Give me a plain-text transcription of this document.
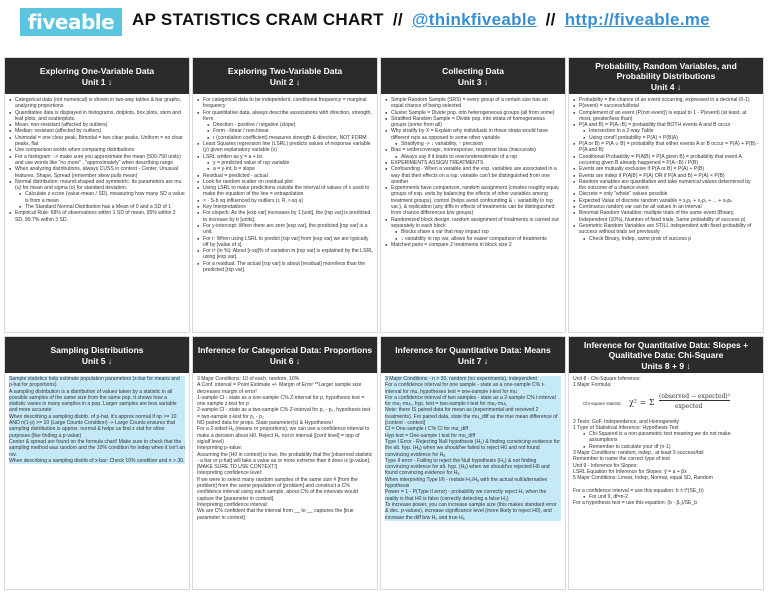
fiveable	AP STATISTICS CRAM CHART // @thinkfiveable // http://fiveable.me
Exploring One-Variable Data
Unit 1 ↓
● Categorical data (not numerical) is shown in two-way tables & bar graphs, analyzing proportions
● Quantitative data is displayed in histograms, dotplots, box plots, stem and leaf plots, and scatterplots.
● Mean: non-resistant (affected by outliers)
● Median: resistant (affected by outliers)
● Unimodal = one clear peak, Bimodal = two clear peaks, Uniform = no clear peaks, flat
● Use comparison words when comparing distributions
● For a histogram :-> make sure you approximate the mean (500-750 units) and use words like "no more" , "approximately" when describing range
● When analyzing distributions, always CUSS in context - Center, Unusual features, Shape, Spread (remember skew pulls mean)
● Normal distribution: mound-shaped and symmetric. Its parameters are mu (u) for mean and sigma (o) for standard deviation.
● Calculate z-score (value-mean / SD), measuring how many SD a value is from a mean
● The Standard Normal Distribution has a Mean of 0 and a SD of 1
● Empirical Rule: 68% of observations within 1 SD of mean, 95% within 2 SD, 99.7% within 3 SD.
Exploring Two-Variable Data
Unit 2 ↓
● For categorical data to be independent, conditional frequency = marginal frequency
● For quantitative data, always describe associations with direction, strength, form.
● Direction - positive / negative (slope)
● Form - linear / non-linear
● r (correlation coefficient) measures strength & direction, NOT FORM
● Least Squares regression line (LSRL) predicts values of response variable (y) given explanatory variable (x)
● LSRL written as y = a + bx
● y = predicted value of rsp variable
● a = y-int, b = slope
● Residual = predicted - actual
● Look for random scatter on residual plot
● Using LSRL to make predictions outside the interval of values of x used to make the equation of the line = extrapolation
● × · S-b sq influenced by outliers (r, R, r-sq a)
● Key Interpretations
● For slope/b: As the [exp var] increases by 1 [unit], the [rsp var] is predicted to increase by b [units].
● For y-intercept: When there are zero [exp var], the predicted [rsp var] is a unit.
● For r: When using LSRL to predict [rsp var] from [exp var] we are typically off by [value of s].
● For r² (in %): About [r-sq]% of variation in [rsp var] is explained by the LSRL using [exp var].
● For a residual: The actual [rsp var] is about [residual] more/less than the predicted [rsp var].
Collecting Data
Unit 3 ↓
● Simple Random Sample (SRS) = every group of a certain size has an equal chance of being selected
● Cluster Sample = Divide pop. into heterogeneous groups (all from some)
● Stratified Random Sample = Divide pop. into strata of homogeneous groups (some from all)
● Why stratify by X = Explain why individuals in those strata would have different rsps as opposed to some other variable
● Stratifying -> ↓ variability, ↑ precision
● Bias = undercoverage, nonresponse, response bias (inaccurate)
● Always say if it leads to over/underestimate of a rsp
● EXPERIMENTS ASSIGN TREATMENTS
● Confounding - When a variable and the exp. variables are associated in a way that their effects on a rsp. variable can't be distinguished from one another
● Experiments have comparison, random assignment (creates roughly equiv. groups of exp. units by balancing the effects of other variables among treatment groups), control (helps avoid confounding & ↓ variability in rsp var.), & replication (any diffs in effects of treatments can be distinguished from chance differences b/w groups)
● Randomized block design: random assignment of treatments is carried out separately in each block
● Blocks share a var that may impact rsp
● ↓ variability in rsp var, allows for easier comparison of treatments
● Matched pairs = compare 2 treatments in block size 2
Probability, Random Variables, and Probability Distributions
Unit 4 ↓
● Probability = the chance of an event occurring, expressed in a decimal (0-1)
● P(event) = successful/total
● Complement of an event (P(not event)) is equal to 1 - P(event) (at least, at most, greater/less than)
● P(A and B) = P(A∩B) = probability that BOTH events A and B occur
● Intersection in a 2-way Table
● Using cond'l probability = P(A) × P(B|A)
● P(A or B) = P(A ∪ B) = probability that either events A or B occur = P(A) + P(B) - P(A and B)
● Conditional Probability = P(A|B) = P(A given B) = probability that event A occurring given B already happened = P(A∩B) / P(B)
● Events are mutually exclusive if P(A or B) = P(A) + P(B)
● Events are indep if P(A|B) = P(A) OR if P(A and B) = P(A) × P(B)
● Random variables are quantitative and take numerical values determined by the outcome of a chance event
● Discrete = only "whole" values possible
● Expected Value of discrete random variable = x₁p₁ + x₂p₂ + ... + xₙpₙ
● Continuous random var can be all values in an interval
● Binomial Random Variables: multiple trials of the same event (Binary, Independent (10%), Number of fixed trials, Same probability of success p)
● Geometric Random Variables are STILL independent with fixed probability of success without trials set previously
● Check Binary, Indep, same prob of success p
Sampling Distributions
Unit 5 ↓

Sample statistics help estimate population parameters (x-bar for means and p-hat for proportions)

A sampling distribution is a distribution of values taken by a statistic in all possible samples of the same size from the same pop. It shows how a statistic varies in many samples in a pop. Larger samples are less variable and more accurate

When describing a sampling distrib. of p-hat, it's approx normal if np >= 10 AND n(1-p) >= 10 (Large Counts Condition) -> Large Counts ensures that sampling distribution is approx. normal & helps us find z stat for other purposes (like finding a p-value)

Center & spread are found on the formula chart! Make sure to check that the sampling method was random and the 10% condition for indep when it isn't an rsv.

When describing a sampling distrib of x-bar: Check 10% condition and n > 30.

Inference for Categorical Data: Proportions
Unit 6 ↓

3 Major Conditions: 10 of each, random, 10%

A Conf. interval = Point Estimate +/- Margin of Error **Larger sample size decreases margin of error!

1-sample CI - state as a one-sample C% Z-interval for p, hypothesis test = one sample z-test for p

2-sample CI - state as a two-sample C% Z-interval for p₁ - p₂, hypothesis test = two-sample z-test for p₁ - p₂

NO paired data for props. State parameter(s) & Hypotheses!

For a 2-sided Hₐ (means or proportions), we can use a confidence interval to make a decision about H0. Reject H₀ not in interval ([conf level] = opp of sig/alf level)

Interpreting p-value:

Assuming the [H0 in context] is true, the probability that the [observed statistic - a bar or p-hat] will take a value as or more extreme than it does is [p-value]. [MAKE SURE TO USE CONTEXT!]

Interpreting confidence level:

If we were to select many random samples of the same size # [from the problem] from the same population of [problem] and construct a C% confidence interval using each sample, about C% of the intervals would capture the [parameter in context].

Interpreting confidence interval:

We are C% confident that the interval from __ to __ captures the [true parameter in context]

Inference for Quantitative Data: Means
Unit 7 ↓

3 Major Conditions - n > 30, random (no experiments), independent

For a confidence interval for one sample - state as a one-sample C% t-interval for mu, hypotheses test = one-sample t-test for mu

For a confidence interval of two samples - state as a 2-sample C% t-interval for mu₁-mu₂, hyp. test = two-sample t-test for mu₁-mu₂

Note: there IS paired data for mean as (experimental unit received 2 treatments). For paired data, state the mu_diff as the true mean difference of [context - context]

CI = One-sample t C% CI for mu_diff

Hyp test = One-sample t test for mu_diff

Type I Error - Rejecting Null hypothesis (H₀) & finding convincing evidence for the alt. hyp. (Hₐ) when we should've failed to reject H0 and not found convincing evidence for Hₐ

Type II error - Failing to reject the Null hypothesis (H₀) & not finding convincing evidence for alt. hyp. (Hₐ) when we should've rejected H0 and found convincing evidence for Hₐ

When interpreting Type I/II - restate H₀/Hₐ with the actual null/alternative hypothesis

Power = 1 - P(Type II error) - probability we correctly reject H₀ when the reality is that H0 is false (correctly detecting a false H₀)

To increase power, you can increase sample size (this makes standard error & dec. p-values), increase significance level (more likely to reject H0), and increase the diff b/w H₀ and true Hₐ

Inference for Quantitative Data: Slopes + Qualitative Data: Chi-Square
Units 8 + 9 ↓

Unit 8 - Chi-Square Inference:

1 Major Formula:

Chi-square statistic χ² = Σ
(observed − expected)²
expected

2 Tests: GoF, Independence, and Homogeneity

1 Type of Statistical Inference: Hypothesis Test

● Chi-Squared is a non-parametric test meaning we do not make assumptions
● Remember to calculate your df (n-1)

3 Major Conditions: random, indep., at least 5 success/fail

Remember to name the correct type of test

Unit 9 - Inference for Slopes:

LSRL Equation for Inference for Slopes: ŷ = a + βx

5 Major Conditions: Linear, Indep, Normal, equal SD, Random

For a confidence interval = use this equation: b ± t*(SE_b)

● For unit 9, df=n-2

For a hypothesis test = use this equation: (b - β₀)/SE_b
